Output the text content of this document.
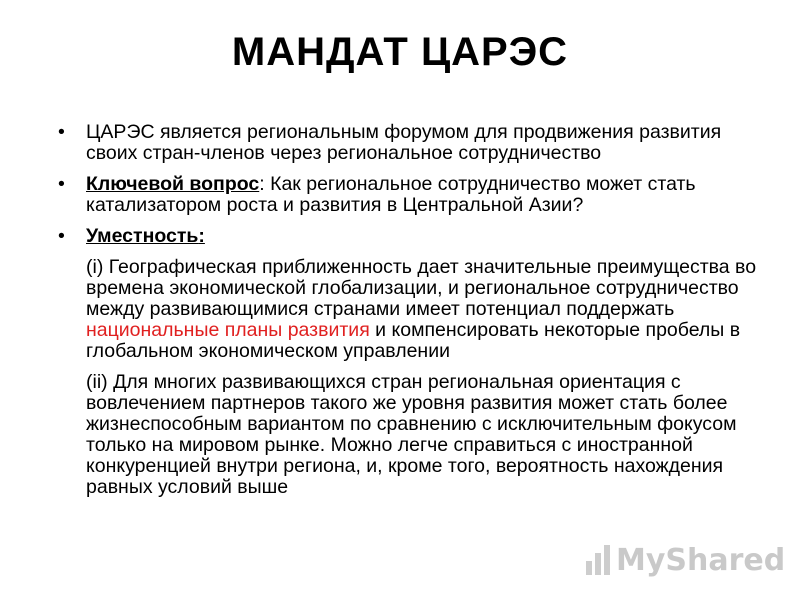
МАНДАТ ЦАРЭС
• ЦАРЭС является региональным форумом для продвижения развития своих стран-членов через региональное сотрудничество
• Ключевой вопрос: Как региональное сотрудничество может стать катализатором роста и развития в Центральной Азии?
• Уместность:
(i) Географическая приближенность дает значительные преимущества во времена экономической глобализации, и региональное сотрудничество между развивающимися странами имеет потенциал поддержать национальные планы развития и компенсировать некоторые пробелы в глобальном экономическом управлении
(ii) Для многих развивающихся стран региональная ориентация с вовлечением партнеров такого же уровня развития может стать более жизнеспособным вариантом по сравнению с исключительным фокусом только на мировом рынке. Можно легче справиться с иностранной конкуренцией внутри региона, и, кроме того, вероятность нахождения равных условий выше
MyShared
